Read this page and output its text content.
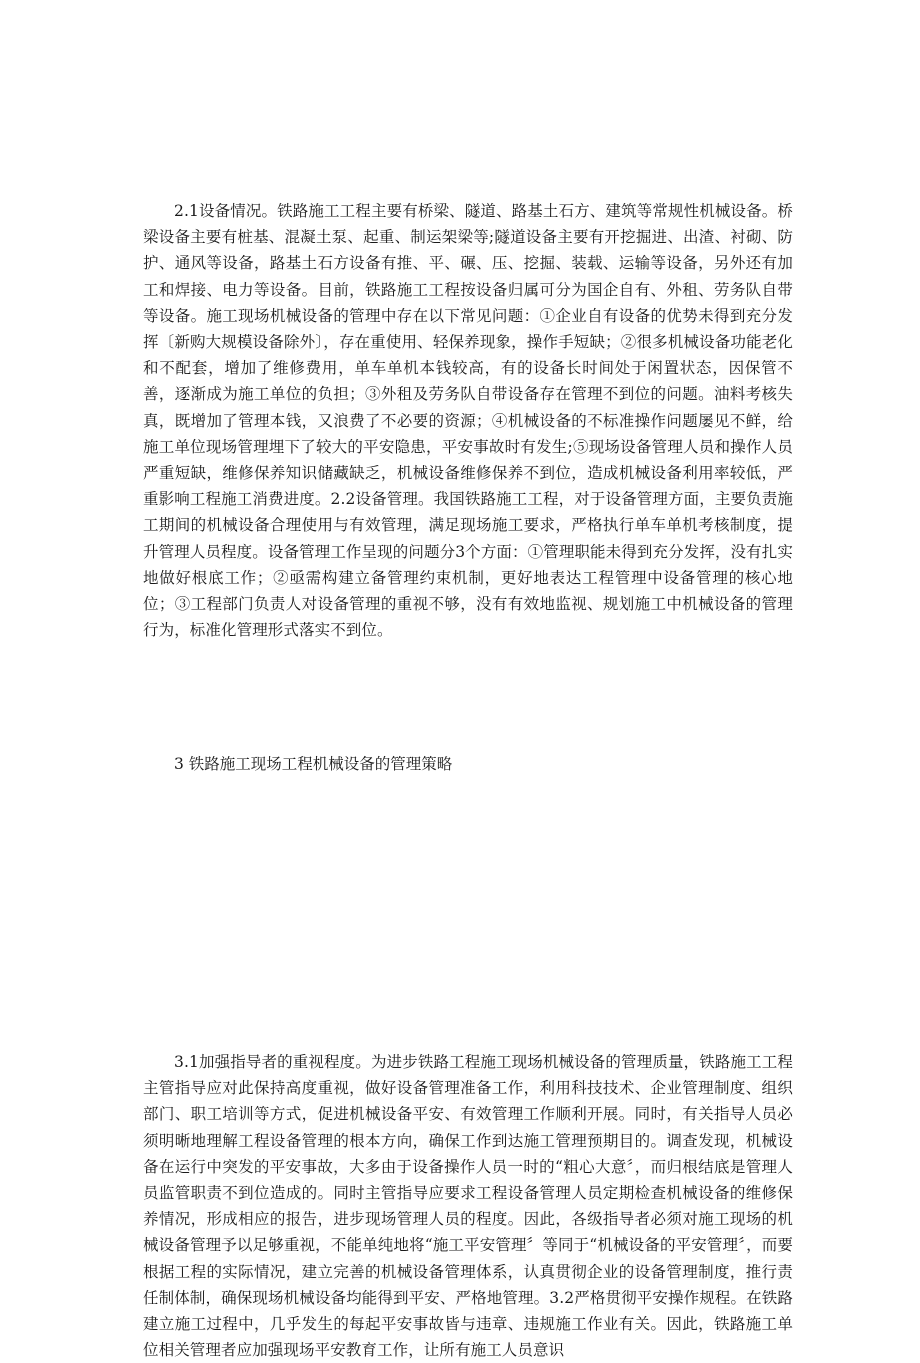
2.1设备情况。铁路施工工程主要有桥梁、隧道、路基土石方、建筑等常规性机械设备。桥梁设备主要有桩基、混凝土泵、起重、制运架梁等;隧道设备主要有开挖掘进、出渣、衬砌、防护、通风等设备，路基土石方设备有推、平、碾、压、挖掘、装载、运输等设备，另外还有加工和焊接、电力等设备。目前，铁路施工工程按设备归属可分为国企自有、外租、劳务队自带等设备。施工现场机械设备的管理中存在以下常见问题：①企业自有设备的优势未得到充分发挥〔新购大规模设备除外〕，存在重使用、轻保养现象，操作手短缺；②很多机械设备功能老化和不配套，增加了维修费用，单车单机本钱较高，有的设备长时间处于闲置状态，因保管不善，逐渐成为施工单位的负担；③外租及劳务队自带设备存在管理不到位的问题。油料考核失真，既增加了管理本钱，又浪费了不必要的资源；④机械设备的不标准操作问题屡见不鲜，给施工单位现场管理埋下了较大的平安隐患，平安事故时有发生;⑤现场设备管理人员和操作人员严重短缺，维修保养知识储藏缺乏，机械设备维修保养不到位，造成机械设备利用率较低，严重影响工程施工消费进度。2.2设备管理。我国铁路施工工程，对于设备管理方面，主要负责施工期间的机械设备合理使用与有效管理，满足现场施工要求，严格执行单车单机考核制度，提升管理人员程度。设备管理工作呈现的问题分3个方面：①管理职能未得到充分发挥，没有扎实地做好根底工作；②亟需构建立备管理约束机制，更好地表达工程管理中设备管理的核心地位；③工程部门负责人对设备管理的重视不够，没有有效地监视、规划施工中机械设备的管理行为，标准化管理形式落实不到位。

3 铁路施工现场工程机械设备的管理策略

3.1加强指导者的重视程度。为进步铁路工程施工现场机械设备的管理质量，铁路施工工程主管指导应对此保持高度重视，做好设备管理准备工作，利用科技技术、企业管理制度、组织部门、职工培训等方式，促进机械设备平安、有效管理工作顺利开展。同时，有关指导人员必须明晰地理解工程设备管理的根本方向，确保工作到达施工管理预期目的。调查发现，机械设备在运行中突发的平安事故，大多由于设备操作人员一时的“粗心大意〞，而归根结底是管理人员监管职责不到位造成的。同时主管指导应要求工程设备管理人员定期检查机械设备的维修保养情况，形成相应的报告，进步现场管理人员的程度。因此，各级指导者必须对施工现场的机械设备管理予以足够重视，不能单纯地将“施工平安管理〞等同于“机械设备的平安管理〞，而要根据工程的实际情况，建立完善的机械设备管理体系，认真贯彻企业的设备管理制度，推行责任制体制，确保现场机械设备均能得到平安、严格地管理。3.2严格贯彻平安操作规程。在铁路建立施工过程中，几乎发生的每起平安事故皆与违章、违规施工作业有关。因此，铁路施工单位相关管理者应加强现场平安教育工作，让所有施工人员意识
